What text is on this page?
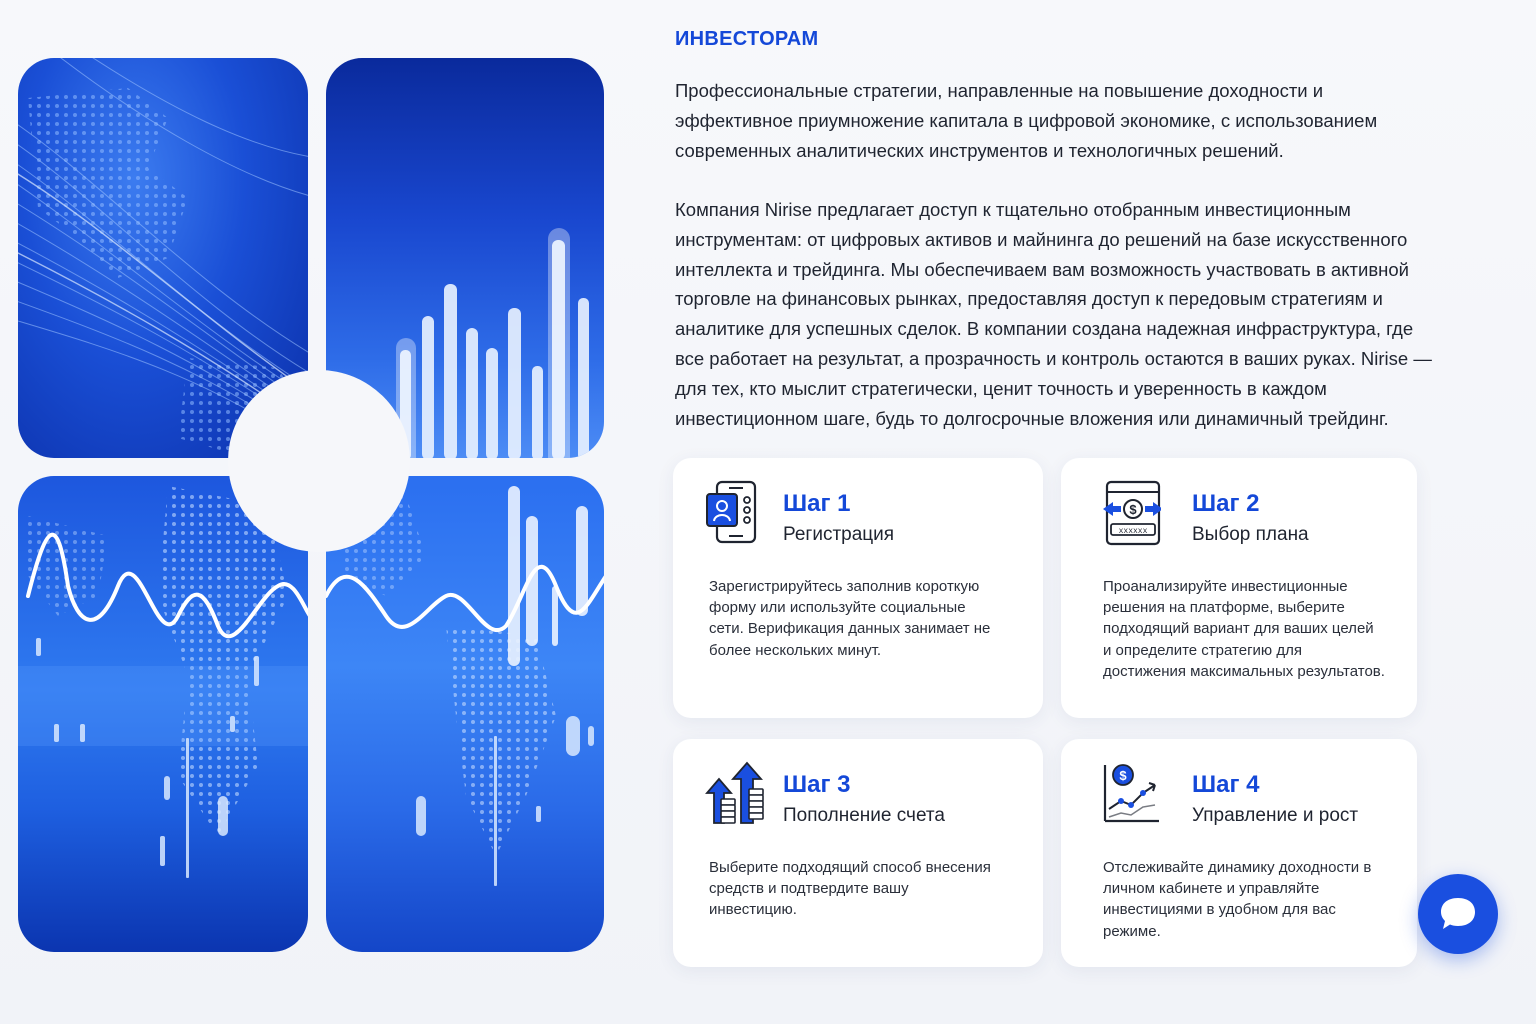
ИНВЕСТОРАМ

Профессиональные стратегии, направленные на повышение доходности и эффективное приумножение капитала в цифровой экономике, с использованием современных аналитических инструментов и технологичных решений.

Компания Nirise предлагает доступ к тщательно отобранным инвестиционным инструментам: от цифровых активов и майнинга до решений на базе искусственного интеллекта и трейдинга. Мы обеспечиваем вам возможность участвовать в активной торговле на финансовых рынках, предоставляя доступ к передовым стратегиям и аналитике для успешных сделок. В компании создана надежная инфраструктура, где все работает на результат, а прозрачность и контроль остаются в ваших руках. Nirise — для тех, кто мыслит стратегически, ценит точность и уверенность в каждом инвестиционном шаге, будь то долгосрочные вложения или динамичный трейдинг.

Шаг 1
Регистрация

Зарегистрируйтесь заполнив короткую форму или используйте социальные сети. Верификация данных занимает не более нескольких минут.

$
xxxxxx
Шаг 2
Выбор плана

Проанализируйте инвестиционные решения на платформе, выберите подходящий вариант для ваших целей и определите стратегию для достижения максимальных результатов.

Шаг 3
Пополнение счета

Выберите подходящий способ внесения средств и подтвердите вашу инвестицию.

$	Шаг 4
Управление и рост

Отслеживайте динамику доходности в личном кабинете и управляйте инвестициями в удобном для вас режиме.
